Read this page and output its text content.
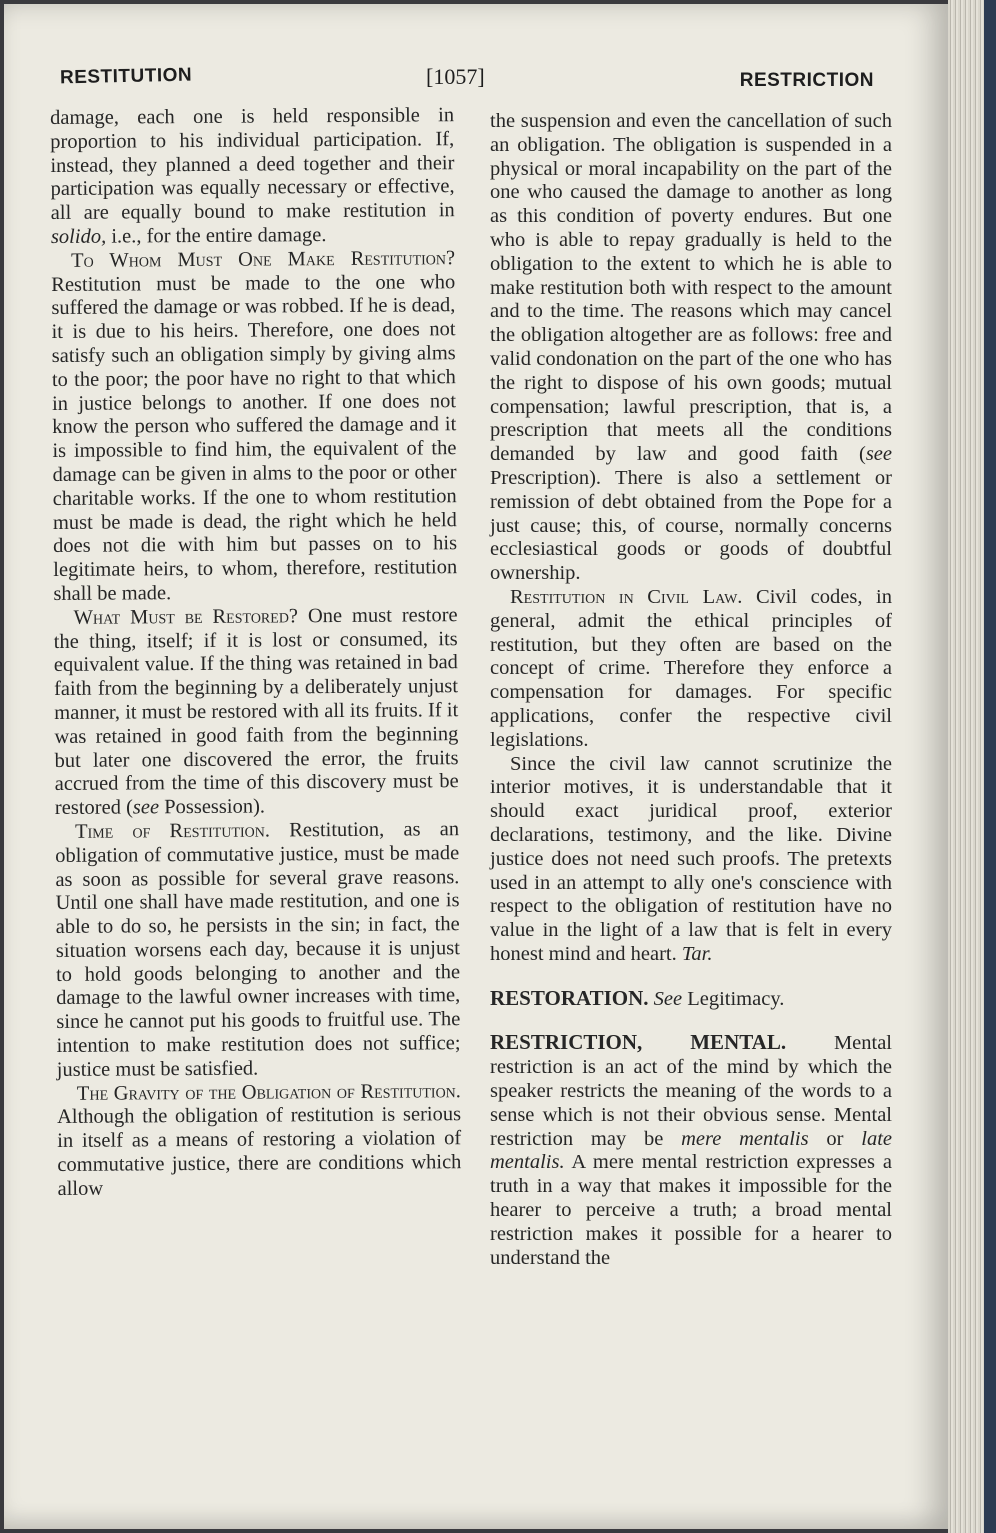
RESTITUTION	[1057]	RESTRICTION

damage, each one is held responsible in proportion to his individual participation. If, instead, they planned a deed together and their participation was equally necessary or effective, all are equally bound to make restitution in solido, i.e., for the entire damage.

To Whom Must One Make Restitution? Restitution must be made to the one who suffered the damage or was robbed. If he is dead, it is due to his heirs. Therefore, one does not satisfy such an obligation simply by giving alms to the poor; the poor have no right to that which in justice belongs to another. If one does not know the person who suffered the damage and it is impossible to find him, the equivalent of the damage can be given in alms to the poor or other charitable works. If the one to whom restitution must be made is dead, the right which he held does not die with him but passes on to his legitimate heirs, to whom, therefore, restitution shall be made.

What Must be Restored? One must restore the thing, itself; if it is lost or consumed, its equivalent value. If the thing was retained in bad faith from the beginning by a deliberately unjust manner, it must be restored with all its fruits. If it was retained in good faith from the beginning but later one discovered the error, the fruits accrued from the time of this discovery must be restored (see Possession).

Time of Restitution. Restitution, as an obligation of commutative justice, must be made as soon as possible for several grave reasons. Until one shall have made restitution, and one is able to do so, he persists in the sin; in fact, the situation worsens each day, because it is unjust to hold goods belonging to another and the damage to the lawful owner increases with time, since he cannot put his goods to fruitful use. The intention to make restitution does not suffice; justice must be satisfied.

The Gravity of the Obligation of Restitution. Although the obligation of restitution is serious in itself as a means of restoring a violation of commutative justice, there are conditions which allow

the suspension and even the cancellation of such an obligation. The obligation is suspended in a physical or moral incapability on the part of the one who caused the damage to another as long as this condition of poverty endures. But one who is able to repay gradually is held to the obligation to the extent to which he is able to make restitution both with respect to the amount and to the time. The reasons which may cancel the obligation altogether are as follows: free and valid condonation on the part of the one who has the right to dispose of his own goods; mutual compensation; lawful prescription, that is, a prescription that meets all the conditions demanded by law and good faith (see Prescription). There is also a settlement or remission of debt obtained from the Pope for a just cause; this, of course, normally concerns ecclesiastical goods or goods of doubtful ownership.

Restitution in Civil Law. Civil codes, in general, admit the ethical principles of restitution, but they often are based on the concept of crime. Therefore they enforce a compensation for damages. For specific applications, confer the respective civil legislations.

Since the civil law cannot scrutinize the interior motives, it is understandable that it should exact juridical proof, exterior declarations, testimony, and the like. Divine justice does not need such proofs. The pretexts used in an attempt to ally one's conscience with respect to the obligation of restitution have no value in the light of a law that is felt in every honest mind and heart. Tar.

RESTORATION. See Legitimacy.

RESTRICTION, MENTAL. Mental restriction is an act of the mind by which the speaker restricts the meaning of the words to a sense which is not their obvious sense. Mental restriction may be mere mentalis or late mentalis. A mere mental restriction expresses a truth in a way that makes it impossible for the hearer to perceive a truth; a broad mental restriction makes it possible for a hearer to understand the
